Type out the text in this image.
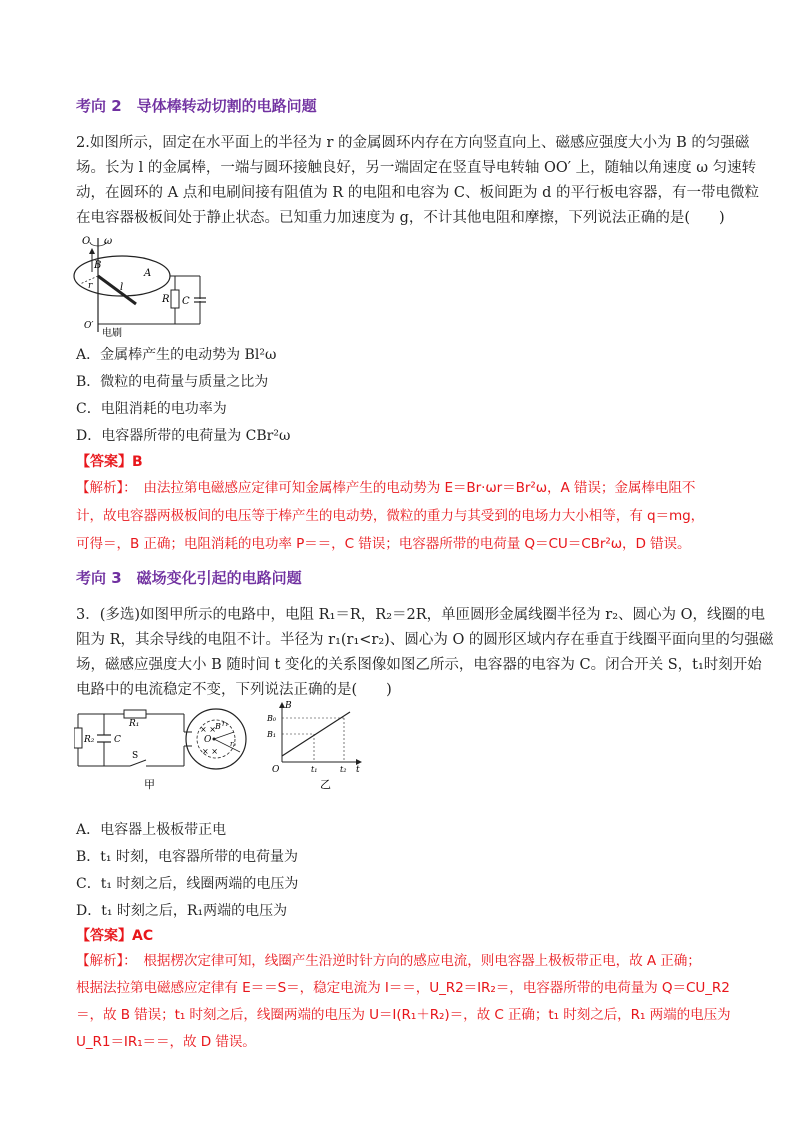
考向 2　导体棒转动切割的电路问题
2.如图所示，固定在水平面上的半径为 r 的金属圆环内存在方向竖直向上、磁感应强度大小为 B 的匀强磁
场。长为 l 的金属棒，一端与圆环接触良好，另一端固定在竖直导电转轴 OO′ 上，随轴以角速度 ω 匀速转
动，在圆环的 A 点和电刷间接有阻值为 R 的电阻和电容为 C、板间距为 d 的平行板电容器，有一带电微粒
在电容器极板间处于静止状态。已知重力加速度为 g，不计其他电阻和摩擦，下列说法正确的是(　　)
O ω
B
A
r	l
R C
O′
电刷
A．金属棒产生的电动势为 Bl²ω
B．微粒的电荷量与质量之比为
C．电阻消耗的电功率为
D．电容器所带的电荷量为 CBr²ω
【答案】B
【解析】：　由法拉第电磁感应定律可知金属棒产生的电动势为 E＝Br·ωr＝Br²ω，A 错误；金属棒电阻不
计，故电容器两极板间的电压等于棒产生的电动势，微粒的重力与其受到的电场力大小相等，有 q＝mg，
可得＝，B 正确；电阻消耗的电功率 P＝＝，C 错误；电容器所带的电荷量 Q＝CU＝CBr²ω，D 错误。
考向 3　磁场变化引起的电路问题
3．(多选)如图甲所示的电路中，电阻 R₁＝R，R₂＝2R，单匝圆形金属线圈半径为 r₂、圆心为 O，线圈的电
阻为 R，其余导线的电阻不计。半径为 r₁(r₁<r₂)、圆心为 O 的圆形区域内存在垂直于线圈平面向里的匀强磁
场，磁感应强度大小 B 随时间 t 变化的关系图像如图乙所示，电容器的电容为 C。闭合开关 S，t₁时刻开始
电路中的电流稳定不变，下列说法正确的是(　　)
× ×
× ×
R₂ C
R₁
S
O
B r₁
r₂
甲
B
B₀
B₁
O	t₁	t₂ t
乙
A．电容器上极板带正电
B．t₁ 时刻，电容器所带的电荷量为
C．t₁ 时刻之后，线圈两端的电压为
D．t₁ 时刻之后，R₁两端的电压为
【答案】AC
【解析】：　根据楞次定律可知，线圈产生沿逆时针方向的感应电流，则电容器上极板带正电，故 A 正确；
根据法拉第电磁感应定律有 E＝＝S＝，稳定电流为 I＝＝，U_R2＝IR₂＝，电容器所带的电荷量为 Q＝CU_R2
＝，故 B 错误；t₁ 时刻之后，线圈两端的电压为 U＝I(R₁＋R₂)＝，故 C 正确；t₁ 时刻之后，R₁ 两端的电压为
U_R1＝IR₁＝＝，故 D 错误。
